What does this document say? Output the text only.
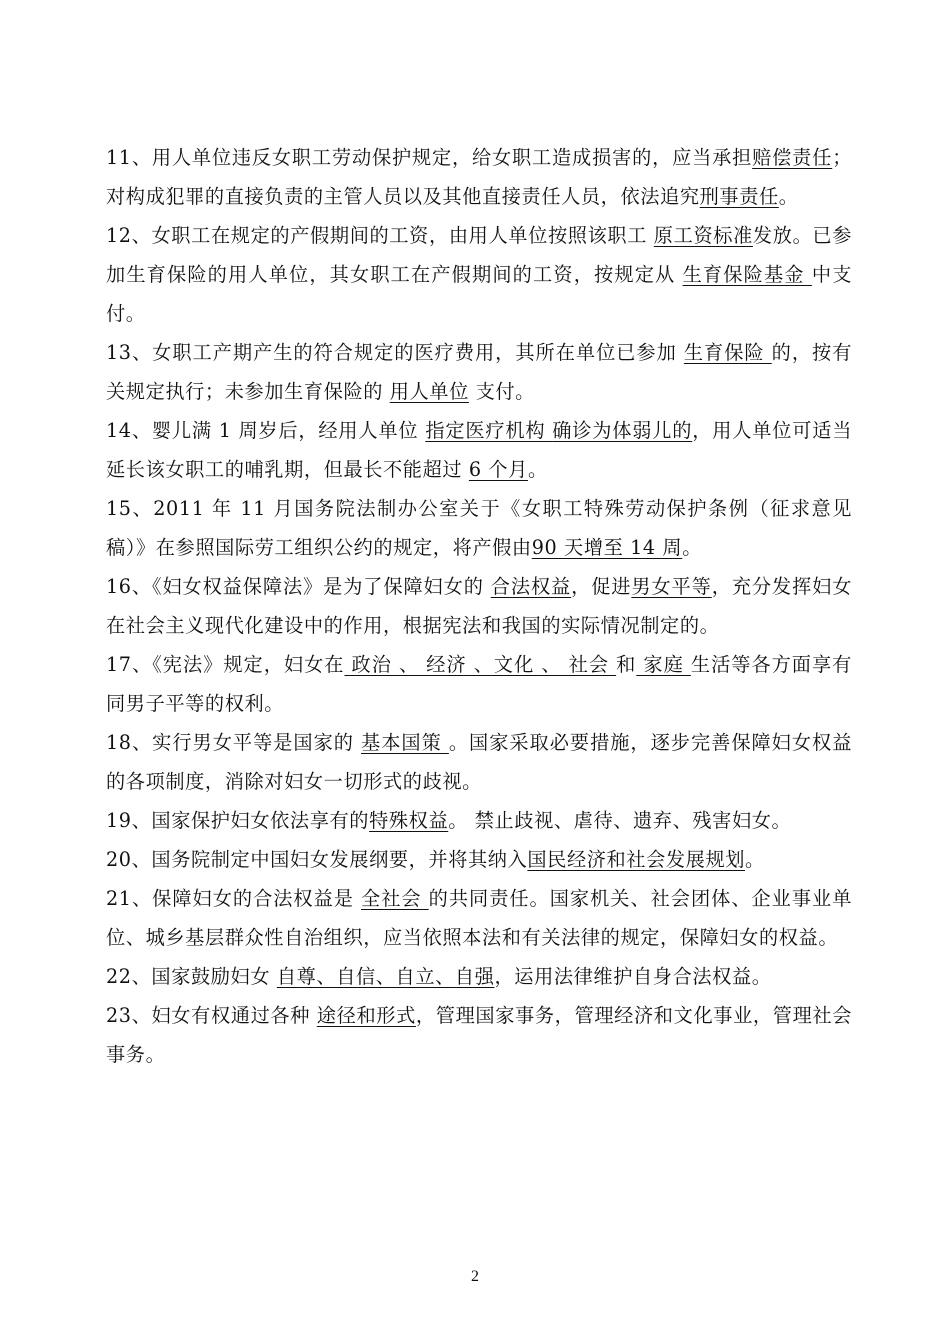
11、用人单位违反女职工劳动保护规定，给女职工造成损害的，应当承担赔偿责任；对构成犯罪的直接负责的主管人员以及其他直接责任人员，依法追究刑事责任。
12、女职工在规定的产假期间的工资，由用人单位按照该职工 原工资标准发放。已参加生育保险的用人单位，其女职工在产假期间的工资，按规定从 生育保险基金 中支付。
13、女职工产期产生的符合规定的医疗费用，其所在单位已参加 生育保险 的，按有关规定执行；未参加生育保险的 用人单位 支付。
14、婴儿满 1 周岁后，经用人单位 指定医疗机构 确诊为体弱儿的，用人单位可适当延长该女职工的哺乳期，但最长不能超过 6 个月。
15、2011 年 11 月国务院法制办公室关于《女职工特殊劳动保护条例（征求意见稿）》在参照国际劳工组织公约的规定，将产假由90 天增至 14 周。
16、《妇女权益保障法》是为了保障妇女的 合法权益，促进男女平等，充分发挥妇女在社会主义现代化建设中的作用，根据宪法和我国的实际情况制定的。
17、《宪法》规定，妇女在 政治 、 经济 、文化 、 社会 和 家庭 生活等各方面享有同男子平等的权利。
18、实行男女平等是国家的 基本国策 。国家采取必要措施，逐步完善保障妇女权益的各项制度，消除对妇女一切形式的歧视。
19、国家保护妇女依法享有的特殊权益。 禁止歧视、虐待、遗弃、残害妇女。
20、国务院制定中国妇女发展纲要，并将其纳入国民经济和社会发展规划。
21、保障妇女的合法权益是 全社会 的共同责任。国家机关、社会团体、企业事业单位、城乡基层群众性自治组织，应当依照本法和有关法律的规定，保障妇女的权益。
22、国家鼓励妇女 自尊、自信、自立、自强，运用法律维护自身合法权益。
23、妇女有权通过各种 途径和形式，管理国家事务，管理经济和文化事业，管理社会事务。
2
